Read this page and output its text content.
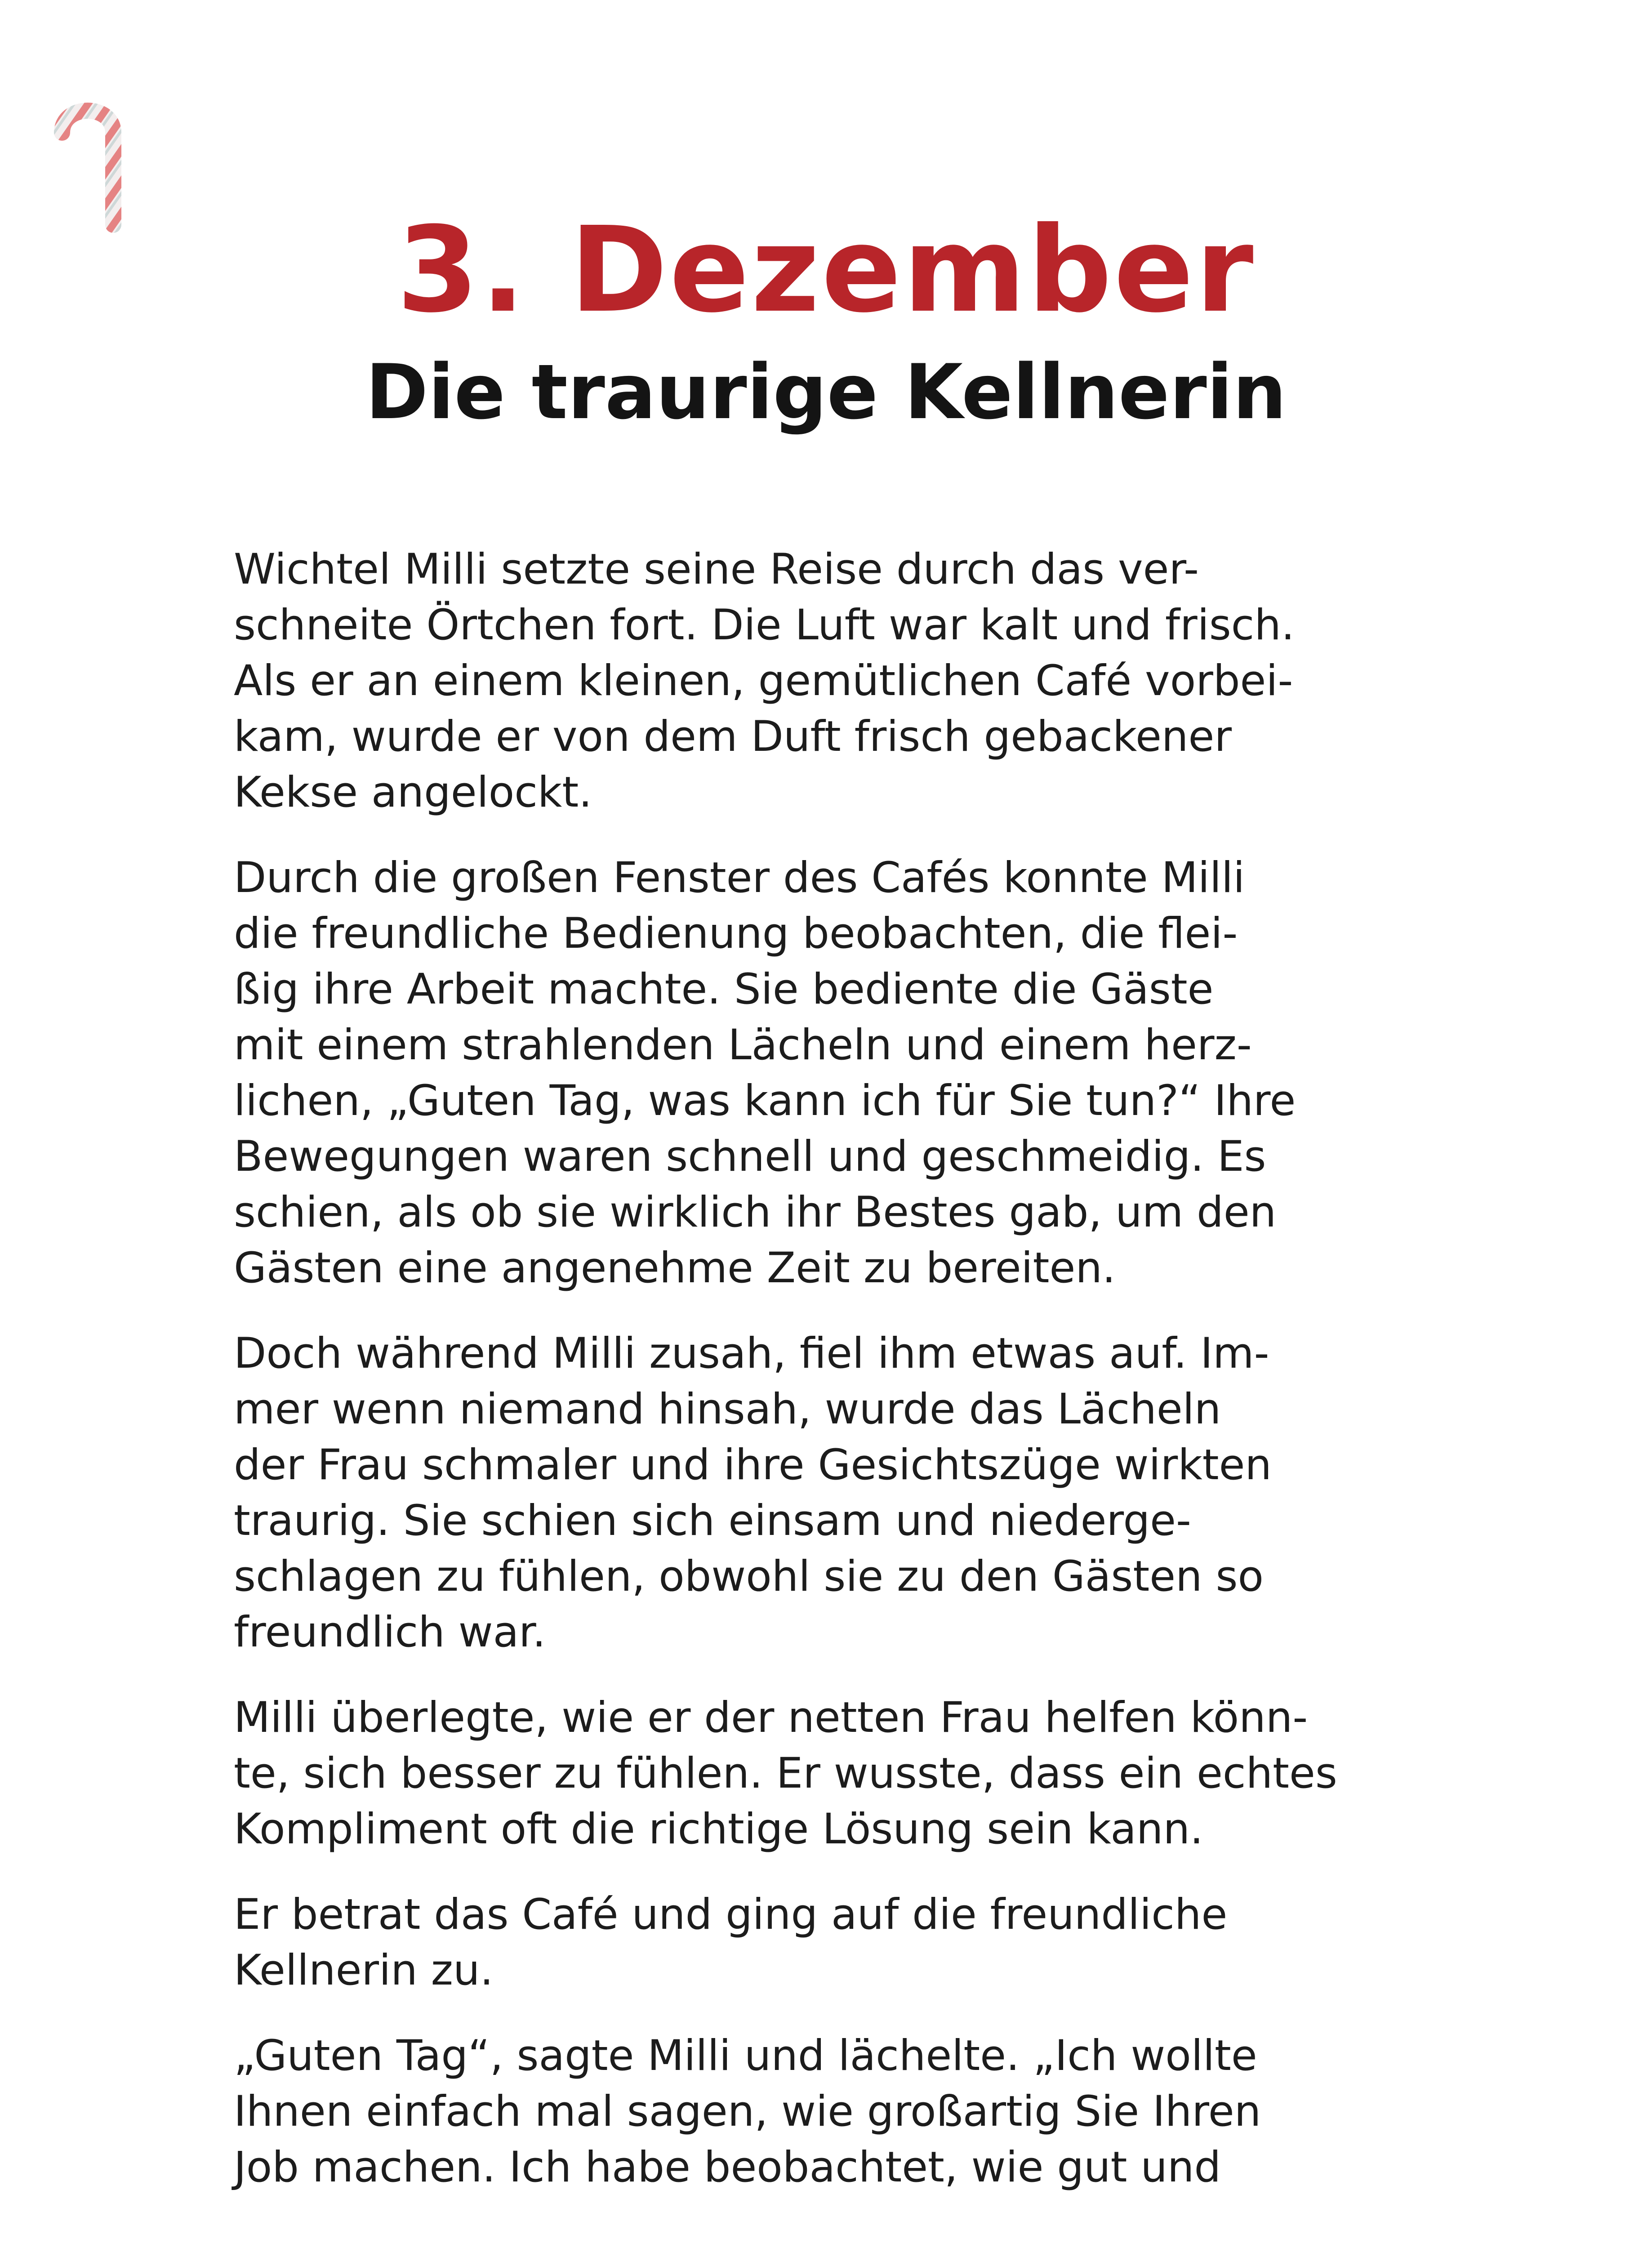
3. Dezember
Die traurige Kellnerin

Wichtel Milli setzte seine Reise durch das ver-
schneite Örtchen fort. Die Luft war kalt und frisch.
Als er an einem kleinen, gemütlichen Café vorbei-
kam, wurde er von dem Duft frisch gebackener
Kekse angelockt.

Durch die großen Fenster des Cafés konnte Milli
die freundliche Bedienung beobachten, die flei-
ßig ihre Arbeit machte. Sie bediente die Gäste
mit einem strahlenden Lächeln und einem herz-
lichen, „Guten Tag, was kann ich für Sie tun?“ Ihre
Bewegungen waren schnell und geschmeidig. Es
schien, als ob sie wirklich ihr Bestes gab, um den
Gästen eine angenehme Zeit zu bereiten.

Doch während Milli zusah, fiel ihm etwas auf. Im-
mer wenn niemand hinsah, wurde das Lächeln
der Frau schmaler und ihre Gesichtszüge wirkten
traurig. Sie schien sich einsam und niederge-
schlagen zu fühlen, obwohl sie zu den Gästen so
freundlich war.

Milli überlegte, wie er der netten Frau helfen könn-
te, sich besser zu fühlen. Er wusste, dass ein echtes
Kompliment oft die richtige Lösung sein kann.

Er betrat das Café und ging auf die freundliche
Kellnerin zu.

„Guten Tag“, sagte Milli und lächelte. „Ich wollte
Ihnen einfach mal sagen, wie großartig Sie Ihren
Job machen. Ich habe beobachtet, wie gut und
